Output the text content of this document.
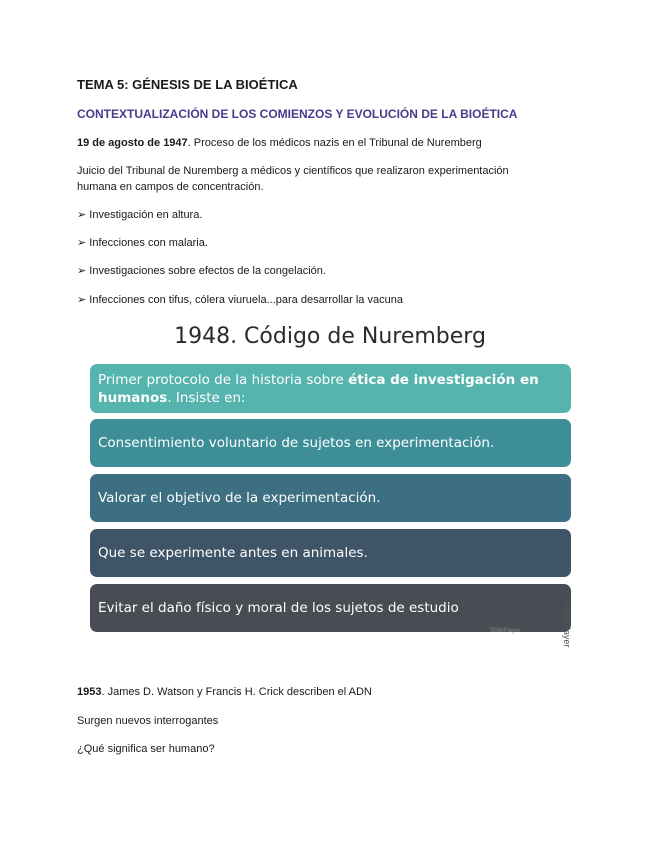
TEMA 5: GÉNESIS DE LA BIOÉTICA
CONTEXTUALIZACIÓN DE LOS COMIENZOS Y EVOLUCIÓN DE LA BIOÉTICA
19 de agosto de 1947. Proceso de los médicos nazis en el Tribunal de Nuremberg
Juicio del Tribunal de Nuremberg a médicos y científicos que realizaron experimentación
humana en campos de concentración.
➢ Investigación en altura.
➢ Infecciones con malaria.
➢ Investigaciones sobre efectos de la congelación.
➢ Infecciones con tifus, cólera viuruela...para desarrollar la vacuna
1953. James D. Watson y Francis H. Crick describen el ADN
Surgen nuevos interrogantes
¿Qué significa ser humano?
1948. Código de Nuremberg
Primer protocolo de la historia sobre ética de investigación en humanos. Insiste en:
Consentimiento voluntario de sujetos en experimentación.
Valorar el objetivo de la experimentación.
Que se experimente antes en animales.
Evitar el daño físico y moral de los sujetos de estudio
SlidePlayer	SlidePlayer
